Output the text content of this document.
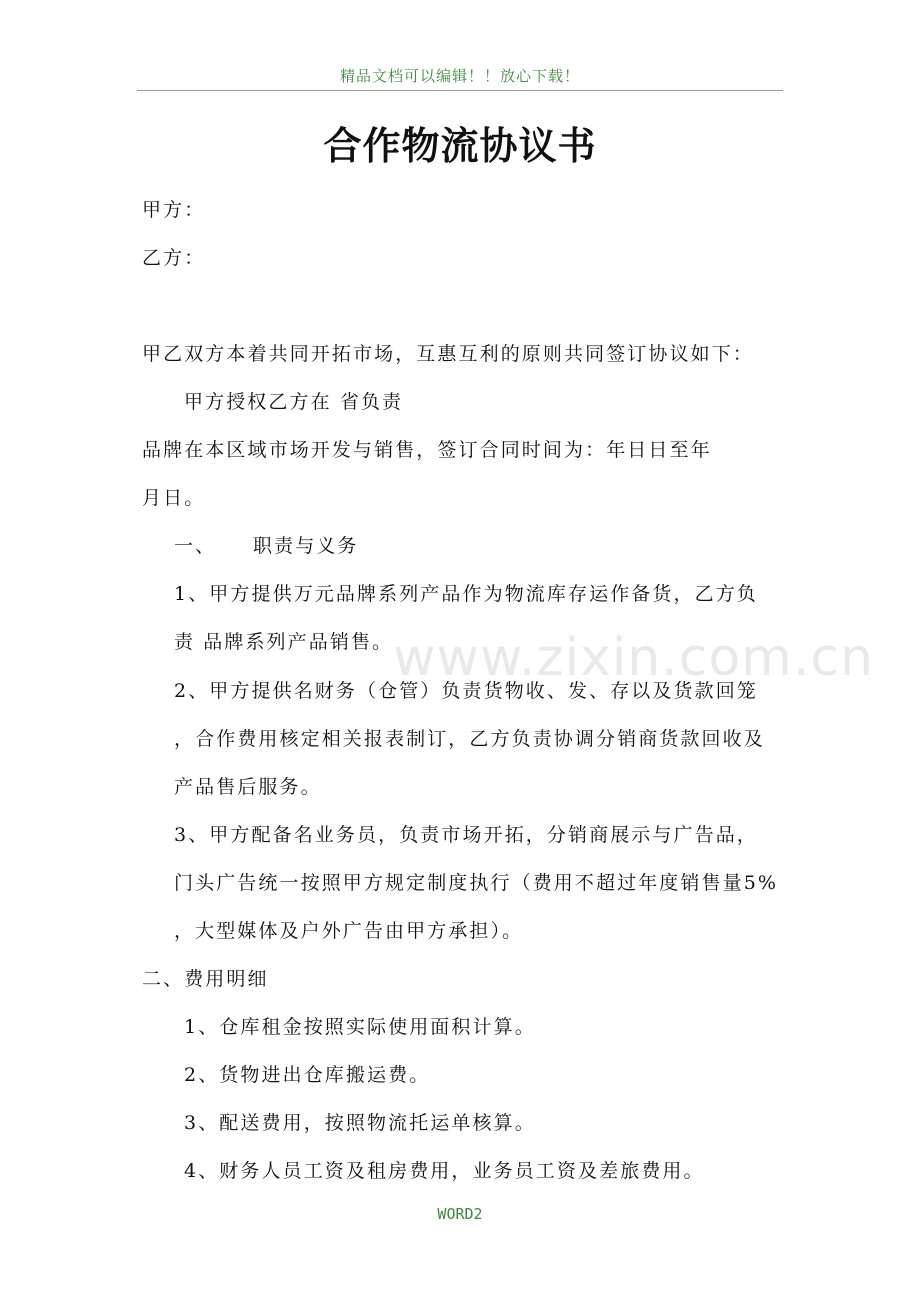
精品文档可以编辑！！放心下载！
www.zixin.com.cn
合作物流协议书
甲方：
乙方：
甲乙双方本着共同开拓市场，互惠互利的原则共同签订协议如下：
甲方授权乙方在 省负责
品牌在本区域市场开发与销售，签订合同时间为：年日日至年
月日。
一、 职责与义务
1、甲方提供万元品牌系列产品作为物流库存运作备货，乙方负
责 品牌系列产品销售。
2、甲方提供名财务（仓管）负责货物收、发、存以及货款回笼
，合作费用核定相关报表制订，乙方负责协调分销商货款回收及
产品售后服务。
3、甲方配备名业务员，负责市场开拓，分销商展示与广告品，
门头广告统一按照甲方规定制度执行（费用不超过年度销售量5%
，大型媒体及户外广告由甲方承担）。
二、费用明细
1、仓库租金按照实际使用面积计算。
2、货物进出仓库搬运费。
3、配送费用，按照物流托运单核算。
4、财务人员工资及租房费用，业务员工资及差旅费用。
WORD2
